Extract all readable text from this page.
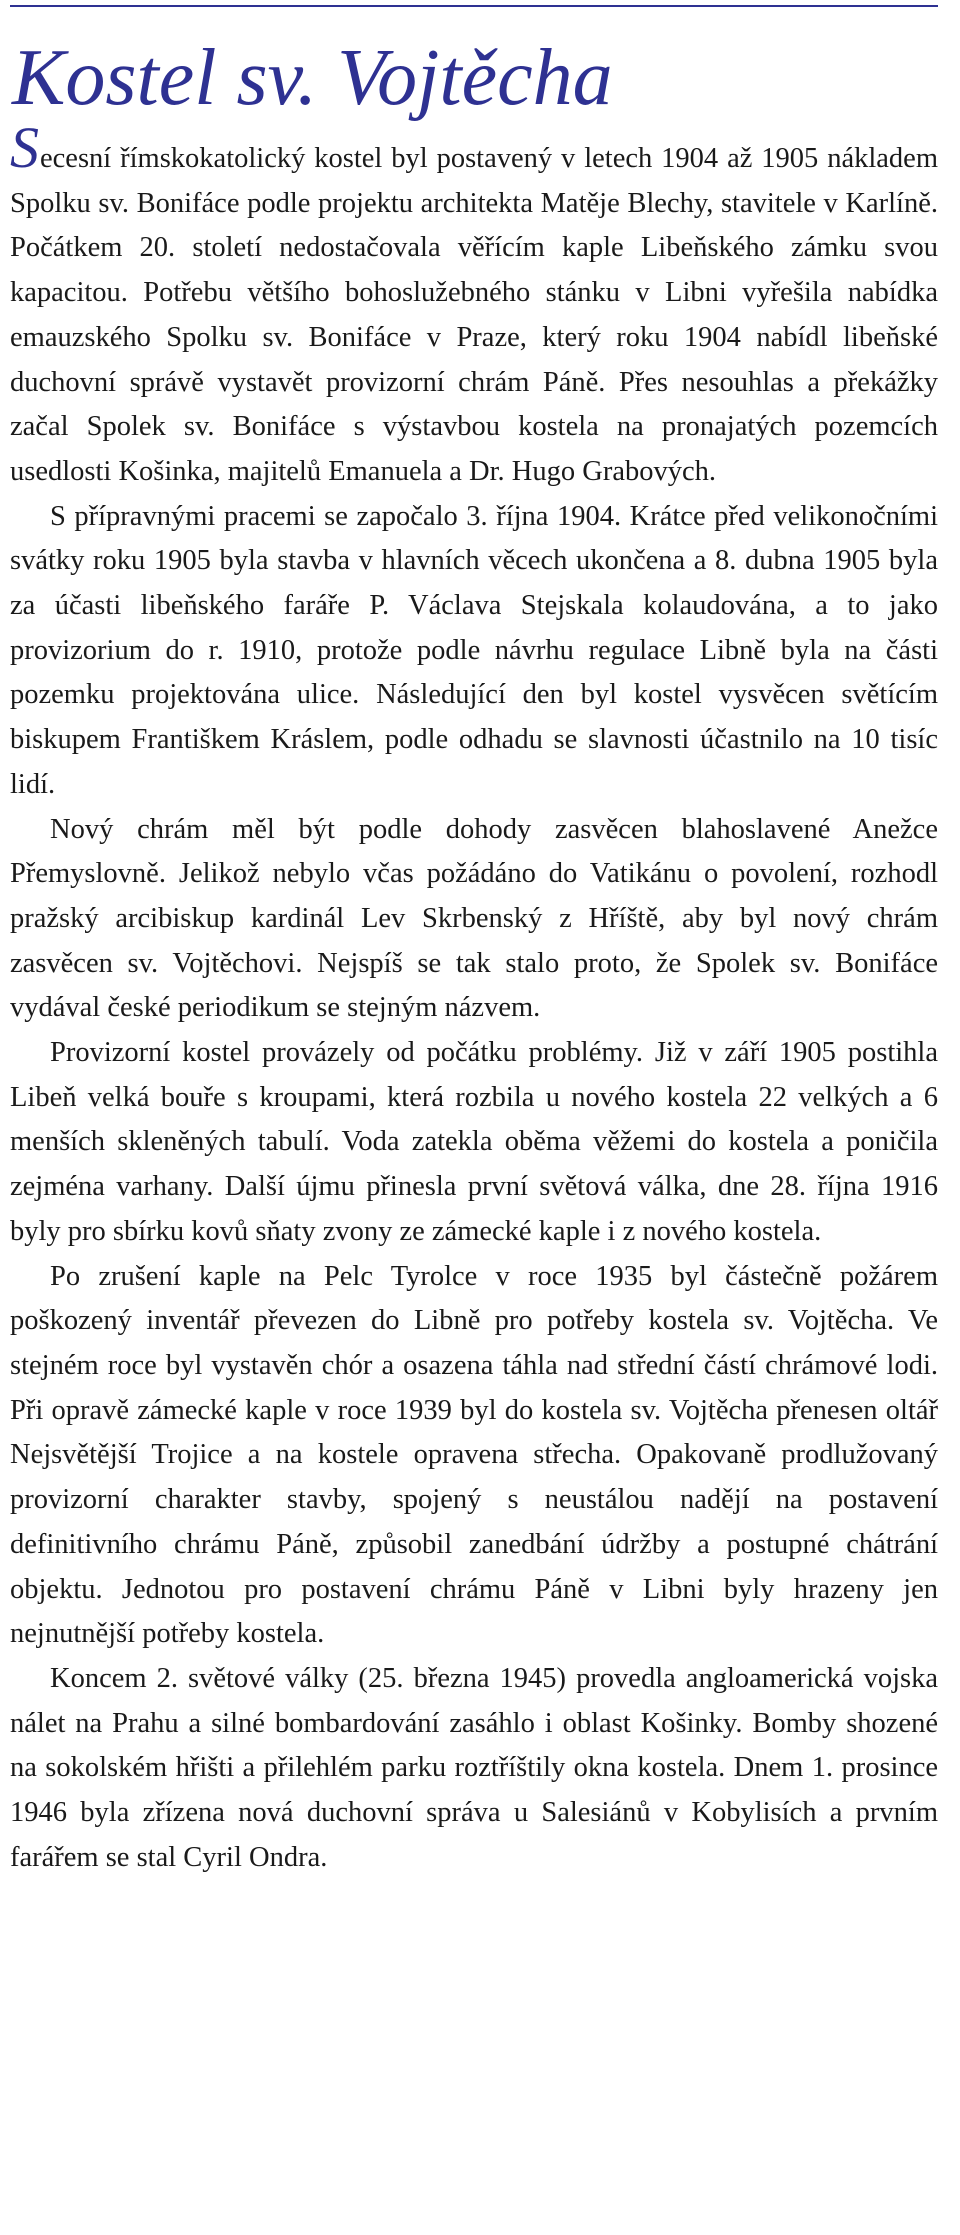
Kostel sv. Vojtěcha

Secesní římskokatolický kostel byl postavený v letech 1904 až 1905 nákladem Spolku sv. Bonifáce podle projektu architekta Matěje Blechy, stavitele v Karlíně. Počátkem 20. století nedostačovala věřícím kaple Libeňského zámku svou kapacitou. Potřebu většího bohoslužebného stánku v Libni vyřešila nabídka emauzského Spolku sv. Bonifáce v Praze, který roku 1904 nabídl libeňské duchovní správě vystavět provizorní chrám Páně. Přes nesouhlas a překážky začal Spolek sv. Bonifáce s výstavbou kostela na pronajatých pozemcích usedlosti Košinka, majitelů Emanuela a Dr. Hugo Grabových.

S přípravnými pracemi se započalo 3. října 1904. Krátce před velikonočními svátky roku 1905 byla stavba v hlavních věcech ukončena a 8. dubna 1905 byla za účasti libeňského faráře P. Václava Stejskala kolaudována, a to jako provizorium do r. 1910, protože podle návrhu regulace Libně byla na části pozemku projektována ulice. Následující den byl kostel vysvěcen světícím biskupem Františkem Kráslem, podle odhadu se slavnosti účastnilo na 10 tisíc lidí.

Nový chrám měl být podle dohody zasvěcen blahoslavené Anežce Přemyslovně. Jelikož nebylo včas požádáno do Vatikánu o povolení, rozhodl pražský arcibiskup kardinál Lev Skrbenský z Hříště, aby byl nový chrám zasvěcen sv. Vojtěchovi. Nejspíš se tak stalo proto, že Spolek sv. Bonifáce vydával české periodikum se stejným názvem.

Provizorní kostel provázely od počátku problémy. Již v září 1905 postihla Libeň velká bouře s kroupami, která rozbila u nového kostela 22 velkých a 6 menších skleněných tabulí. Voda zatekla oběma věžemi do kostela a poničila zejména varhany. Další újmu přinesla první světová válka, dne 28. října 1916 byly pro sbírku kovů sňaty zvony ze zámecké kaple i z nového kostela.

Po zrušení kaple na Pelc Tyrolce v roce 1935 byl částečně požárem poškozený inventář převezen do Libně pro potřeby kostela sv. Vojtěcha. Ve stejném roce byl vystavěn chór a osazena táhla nad střední částí chrámové lodi. Při opravě zámecké kaple v roce 1939 byl do kostela sv. Vojtěcha přenesen oltář Nejsvětější Trojice a na kostele opravena střecha. Opakovaně prodlužovaný provizorní charakter stavby, spojený s neustálou nadějí na postavení definitivního chrámu Páně, způsobil zanedbání údržby a postupné chátrání objektu. Jednotou pro postavení chrámu Páně v Libni byly hrazeny jen nejnutnější potřeby kostela.

Koncem 2. světové války (25. března 1945) provedla angloamerická vojska nálet na Prahu a silné bombardování zasáhlo i oblast Košinky. Bomby shozené na sokolském hřišti a přilehlém parku roztříštily okna kostela. Dnem 1. prosince 1946 byla zřízena nová duchovní správa u Salesiánů v Kobylisích a prvním farářem se stal Cyril Ondra.
